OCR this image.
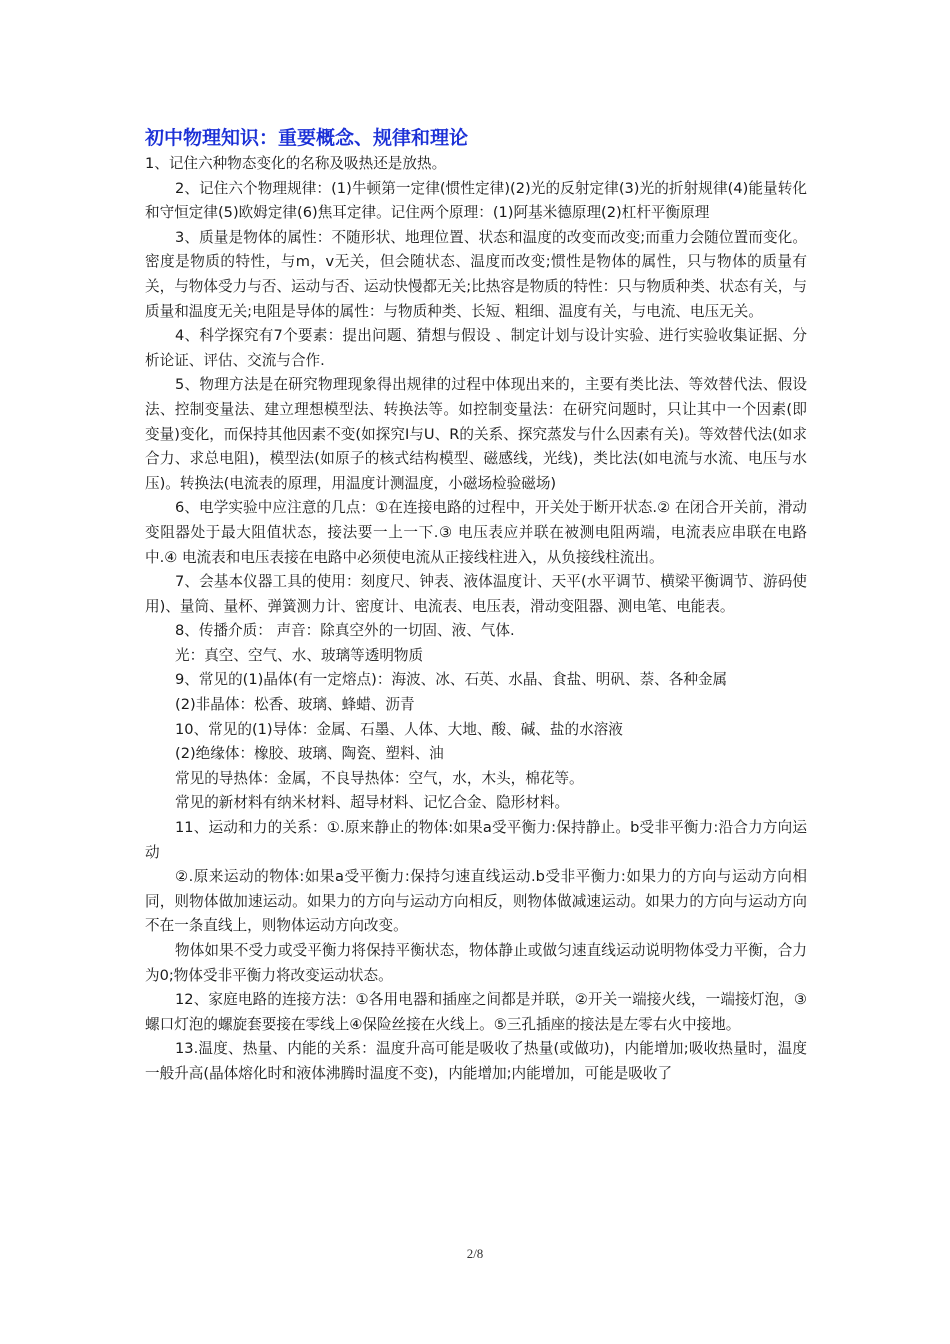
初中物理知识：重要概念、规律和理论

1、记住六种物态变化的名称及吸热还是放热。

2、记住六个物理规律：(1)牛顿第一定律(惯性定律)(2)光的反射定律(3)光的折射规律(4)能量转化和守恒定律(5)欧姆定律(6)焦耳定律。记住两个原理：(1)阿基米德原理(2)杠杆平衡原理

3、质量是物体的属性：不随形状、地理位置、状态和温度的改变而改变;而重力会随位置而变化。密度是物质的特性，与m，v无关，但会随状态、温度而改变;惯性是物体的属性，只与物体的质量有关，与物体受力与否、运动与否、运动快慢都无关;比热容是物质的特性：只与物质种类、状态有关，与质量和温度无关;电阻是导体的属性：与物质种类、长短、粗细、温度有关，与电流、电压无关。

4、科学探究有7个要素：提出问题、猜想与假设 、制定计划与设计实验、进行实验收集证据、分析论证、评估、交流与合作.

5、物理方法是在研究物理现象得出规律的过程中体现出来的，主要有类比法、等效替代法、假设法、控制变量法、建立理想模型法、转换法等。如控制变量法：在研究问题时，只让其中一个因素(即变量)变化，而保持其他因素不变(如探究I与U、R的关系、探究蒸发与什么因素有关)。等效替代法(如求合力、求总电阻)，模型法(如原子的核式结构模型、磁感线，光线)，类比法(如电流与水流、电压与水压)。转换法(电流表的原理，用温度计测温度，小磁场检验磁场)

6、电学实验中应注意的几点：①在连接电路的过程中，开关处于断开状态.② 在闭合开关前，滑动变阻器处于最大阻值状态，接法要一上一下.③ 电压表应并联在被测电阻两端，电流表应串联在电路中.④ 电流表和电压表接在电路中必须使电流从正接线柱进入，从负接线柱流出。

7、会基本仪器工具的使用：刻度尺、钟表、液体温度计、天平(水平调节、横梁平衡调节、游码使用)、量筒、量杯、弹簧测力计、密度计、电流表、电压表，滑动变阻器、测电笔、电能表。

8、传播介质： 声音：除真空外的一切固、液、气体.

光：真空、空气、水、玻璃等透明物质

9、常见的(1)晶体(有一定熔点)：海波、冰、石英、水晶、食盐、明矾、萘、各种金属

(2)非晶体：松香、玻璃、蜂蜡、沥青

10、常见的(1)导体：金属、石墨、人体、大地、酸、碱、盐的水溶液

(2)绝缘体：橡胶、玻璃、陶瓷、塑料、油

常见的导热体：金属，不良导热体：空气，水，木头，棉花等。

常见的新材料有纳米材料、超导材料、记忆合金、隐形材料。

11、运动和力的关系：①.原来静止的物体:如果a受平衡力:保持静止。b受非平衡力:沿合力方向运动

②.原来运动的物体:如果a受平衡力:保持匀速直线运动.b受非平衡力:如果力的方向与运动方向相同，则物体做加速运动。如果力的方向与运动方向相反，则物体做减速运动。如果力的方向与运动方向不在一条直线上，则物体运动方向改变。

物体如果不受力或受平衡力将保持平衡状态，物体静止或做匀速直线运动说明物体受力平衡，合力为0;物体受非平衡力将改变运动状态。

12、家庭电路的连接方法：①各用电器和插座之间都是并联，②开关一端接火线，一端接灯泡，③螺口灯泡的螺旋套要接在零线上④保险丝接在火线上。⑤三孔插座的接法是左零右火中接地。

13.温度、热量、内能的关系：温度升高可能是吸收了热量(或做功)，内能增加;吸收热量时，温度一般升高(晶体熔化时和液体沸腾时温度不变)，内能增加;内能增加，可能是吸收了

2/8
